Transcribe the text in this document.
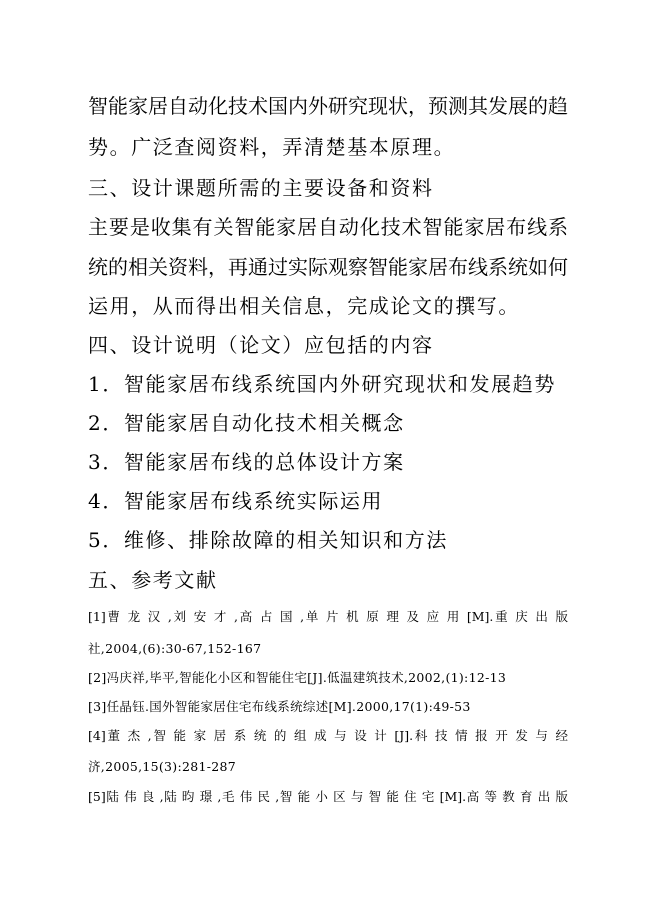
智能家居自动化技术国内外研究现状，预测其发展的趋
势。广泛查阅资料，弄清楚基本原理。
三、设计课题所需的主要设备和资料
主要是收集有关智能家居自动化技术智能家居布线系
统的相关资料，再通过实际观察智能家居布线系统如何
运用，从而得出相关信息，完成论文的撰写。
四、设计说明（论文）应包括的内容
1．智能家居布线系统国内外研究现状和发展趋势
2．智能家居自动化技术相关概念
3．智能家居布线的总体设计方案
4．智能家居布线系统实际运用
5．维修、排除故障的相关知识和方法
五、参考文献
[1]曹 龙 汉 ,刘 安 才 ,高 占 国 ,单 片 机 原 理 及 应 用 [M].重 庆 出 版
社,2004,(6):30-67,152-167
[2]冯庆祥,毕平,智能化小区和智能住宅[J].低温建筑技术,2002,(1):12-13
[3]任晶钰.国外智能家居住宅布线系统综述[M].2000,17(1):49-53
[4]董 杰 ,智 能 家 居 系 统 的 组 成 与 设 计 [J].科 技 情 报 开 发 与 经
济,2005,15(3):281-287
[5]陆 伟 良 ,陆 昀 璟 ,毛 伟 民 ,智 能 小 区 与 智 能 住 宅 [M].高 等 教 育 出 版
